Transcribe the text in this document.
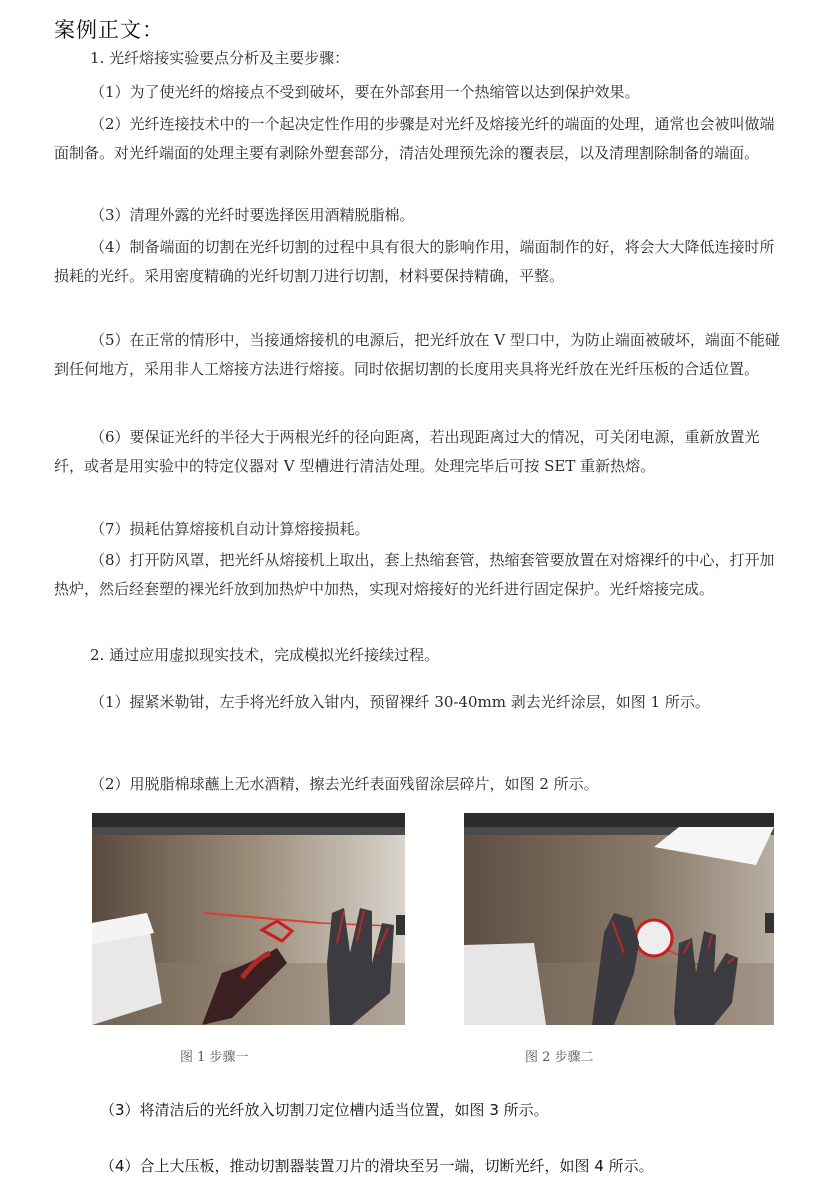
案例正文：

1. 光纤熔接实验要点分析及主要步骤：

（1）为了使光纤的熔接点不受到破坏，要在外部套用一个热缩管以达到保护效果。

（2）光纤连接技术中的一个起决定性作用的步骤是对光纤及熔接光纤的端面的处理，通常也会被叫做端面制备。对光纤端面的处理主要有剥除外塑套部分，清洁处理预先涂的覆表层，以及清理割除制备的端面。

（3）清理外露的光纤时要选择医用酒精脱脂棉。

（4）制备端面的切割在光纤切割的过程中具有很大的影响作用，端面制作的好，将会大大降低连接时所损耗的光纤。采用密度精确的光纤切割刀进行切割，材料要保持精确，平整。

（5）在正常的情形中，当接通熔接机的电源后，把光纤放在 V 型口中，为防止端面被破坏，端面不能碰到任何地方，采用非人工熔接方法进行熔接。同时依据切割的长度用夹具将光纤放在光纤压板的合适位置。

（6）要保证光纤的半径大于两根光纤的径向距离，若出现距离过大的情况，可关闭电源，重新放置光纤，或者是用实验中的特定仪器对 V 型槽进行清洁处理。处理完毕后可按 SET 重新热熔。

（7）损耗估算熔接机自动计算熔接损耗。

（8）打开防风罩，把光纤从熔接机上取出，套上热缩套管，热缩套管要放置在对熔裸纤的中心，打开加热炉，然后经套塑的裸光纤放到加热炉中加热，实现对熔接好的光纤进行固定保护。光纤熔接完成。

2. 通过应用虚拟现实技术，完成模拟光纤接续过程。

（1）握紧米勒钳，左手将光纤放入钳内，预留裸纤 30-40mm 剥去光纤涂层，如图 1 所示。

（2）用脱脂棉球蘸上无水酒精，擦去光纤表面残留涂层碎片，如图 2 所示。

图 1 步骤一	图 2 步骤二

（3）将清洁后的光纤放入切割刀定位槽内适当位置，如图 3 所示。

（4）合上大压板，推动切割器装置刀片的滑块至另一端，切断光纤，如图 4 所示。
